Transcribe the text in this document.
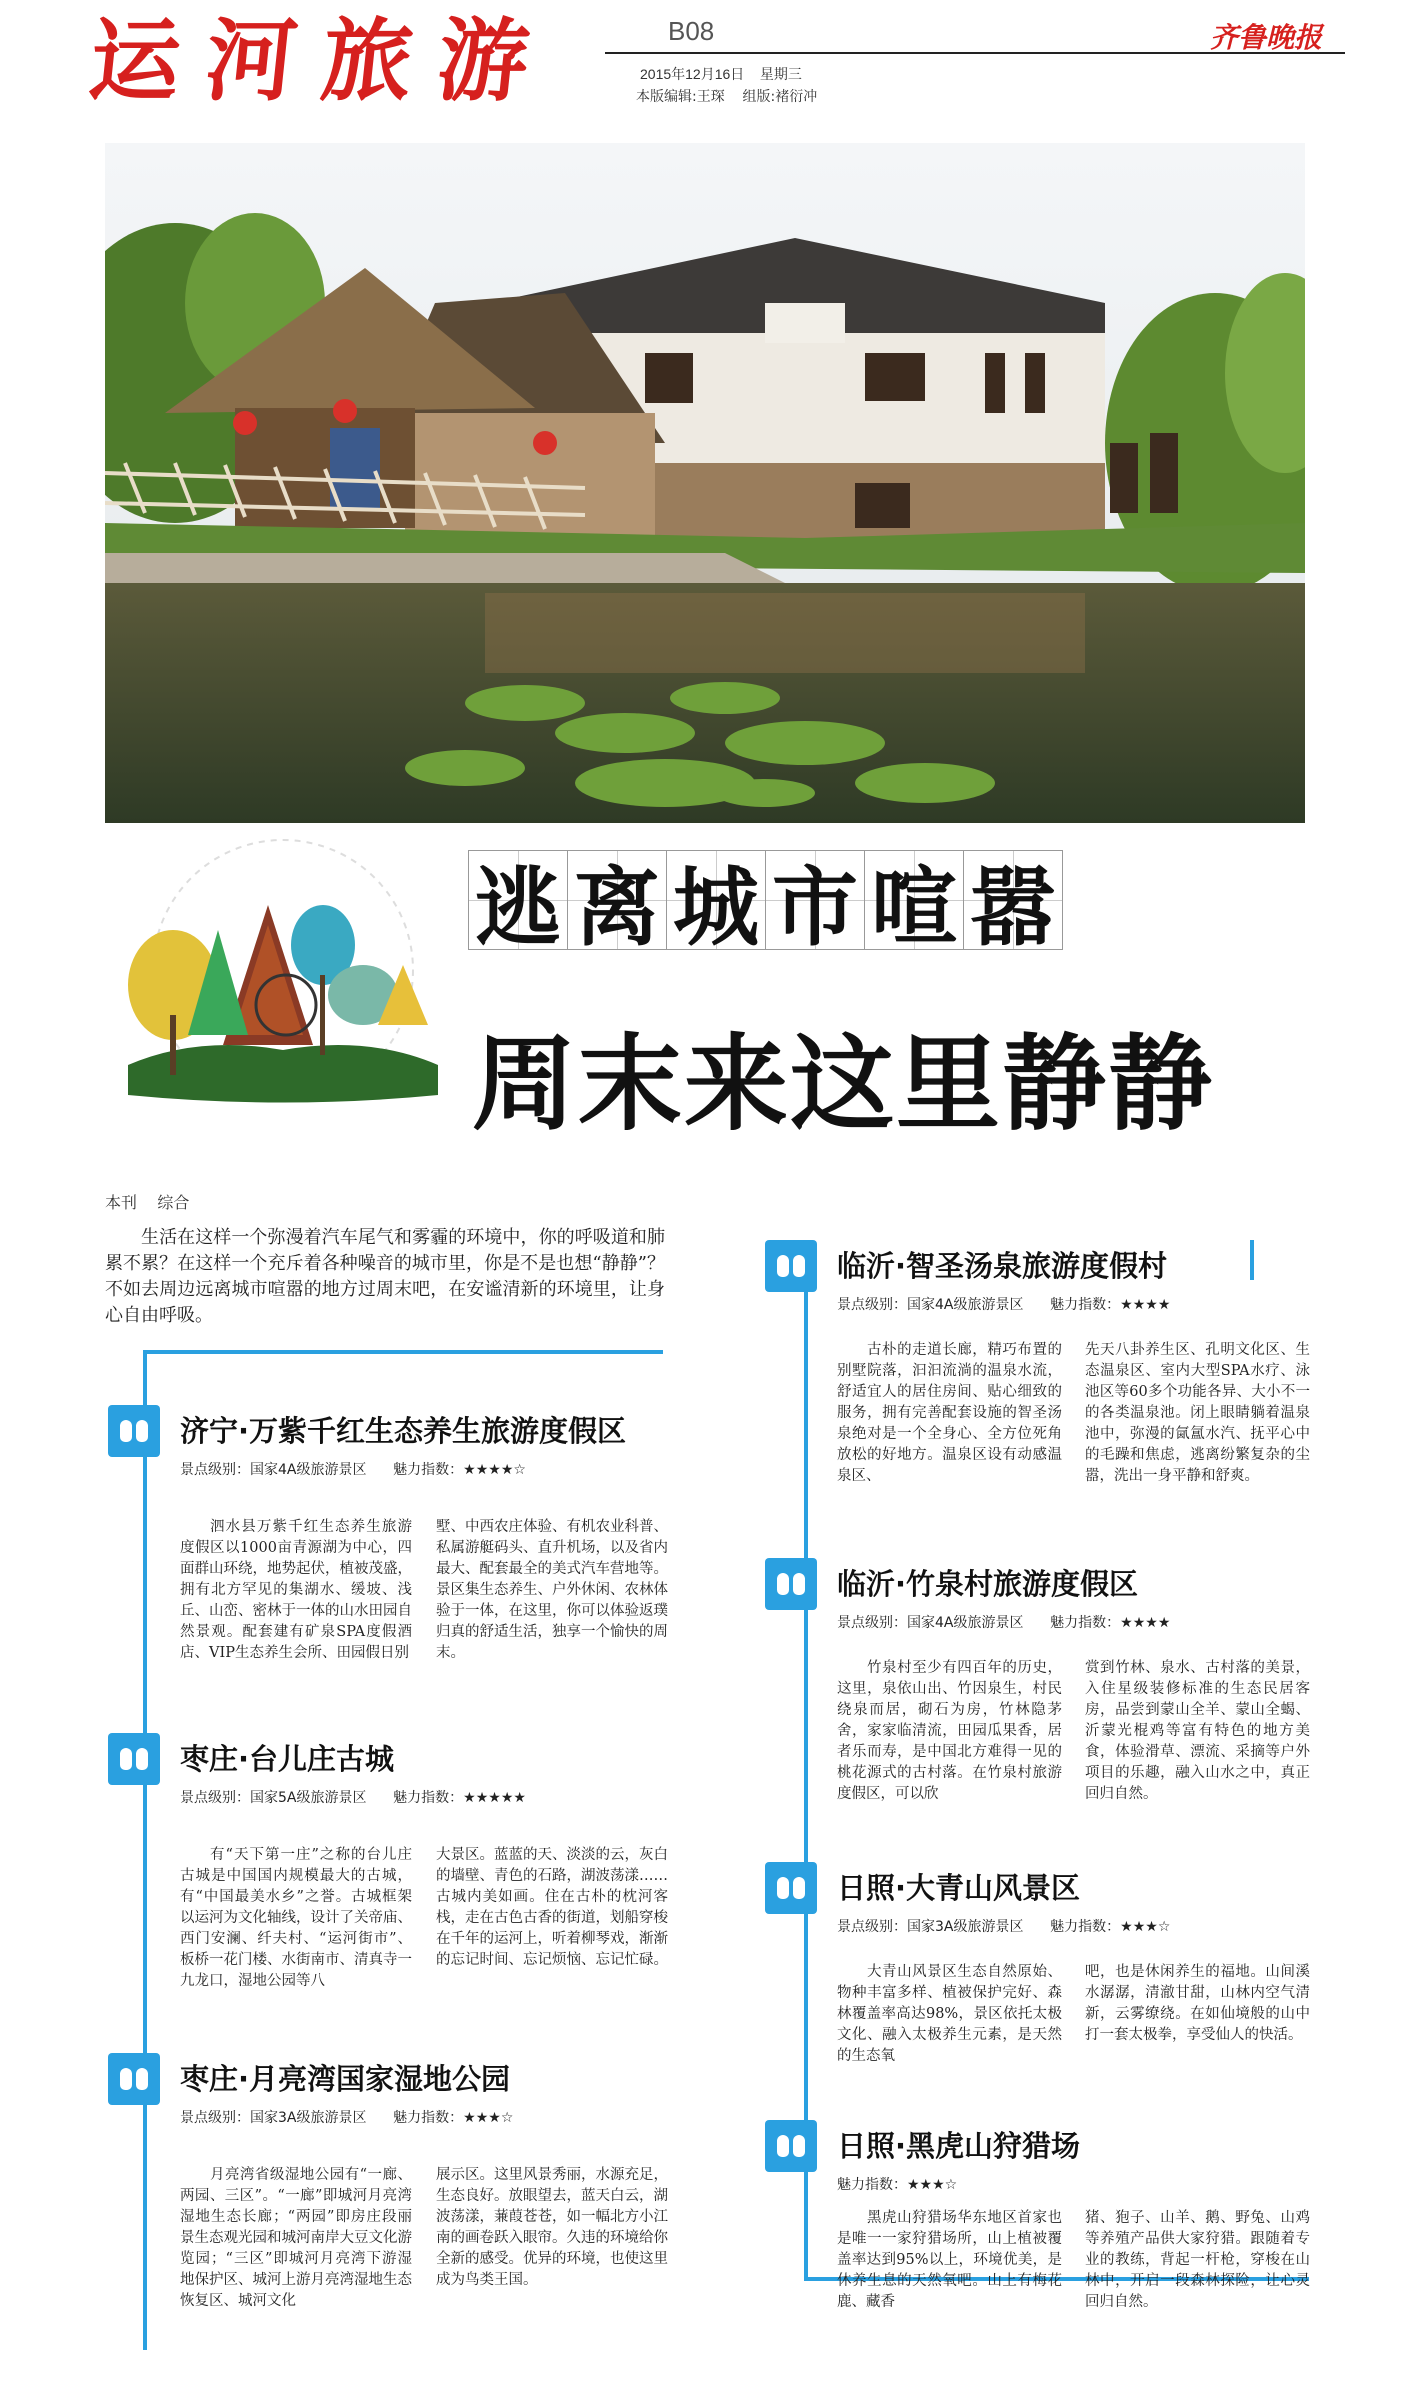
运 河 旅 游	B08
2015年12月16日    星期三
本版编辑:王琛    组版:褚衍冲
齐鲁晚报
逃 离 城 市 喧 嚣
周末来这里静静
本刊    综合
生活在这样一个弥漫着汽车尾气和雾霾的环境中，你的呼吸道和肺累不累？在这样一个充斥着各种噪音的城市里，你是不是也想“静静”？不如去周边远离城市喧嚣的地方过周末吧，在安谧清新的环境里，让身心自由呼吸。
济宁·万紫千红生态养生旅游度假区
景点级别：国家4A级旅游景区      魅力指数：★★★★☆
泗水县万紫千红生态养生旅游度假区以1000亩青源湖为中心，四面群山环绕，地势起伏，植被茂盛，拥有北方罕见的集湖水、缓坡、浅丘、山峦、密林于一体的山水田园自然景观。配套建有矿泉SPA度假酒店、VIP生态养生会所、田园假日别
墅、中西农庄体验、有机农业科普、私属游艇码头、直升机场，以及省内最大、配套最全的美式汽车营地等。景区集生态养生、户外休闲、农林体验于一体，在这里，你可以体验返璞归真的舒适生活，独享一个愉快的周末。
枣庄·台儿庄古城
景点级别：国家5A级旅游景区      魅力指数：★★★★★
有“天下第一庄”之称的台儿庄古城是中国国内规模最大的古城，有“中国最美水乡”之誉。古城框架以运河为文化轴线，设计了关帝庙、西门安澜、纤夫村、“运河街市”、板桥一花门楼、水街南市、清真寺一九龙口，湿地公园等八
大景区。蓝蓝的天、淡淡的云，灰白的墙壁、青色的石路，湖波荡漾……古城内美如画。住在古朴的枕河客栈，走在古色古香的街道，划船穿梭在千年的运河上，听着柳琴戏，渐渐的忘记时间、忘记烦恼、忘记忙碌。
枣庄·月亮湾国家湿地公园
景点级别：国家3A级旅游景区      魅力指数：★★★☆
月亮湾省级湿地公园有“一廊、两园、三区”。“一廊”即城河月亮湾湿地生态长廊；“两园”即房庄段丽景生态观光园和城河南岸大豆文化游览园；“三区”即城河月亮湾下游湿地保护区、城河上游月亮湾湿地生态恢复区、城河文化
展示区。这里风景秀丽，水源充足，生态良好。放眼望去，蓝天白云，湖波荡漾，蒹葭苍苍，如一幅北方小江南的画卷跃入眼帘。久违的环境给你全新的感受。优异的环境，也使这里成为鸟类王国。
临沂·智圣汤泉旅游度假村
景点级别：国家4A级旅游景区      魅力指数：★★★★
古朴的走道长廊，精巧布置的别墅院落，汩汩流淌的温泉水流，舒适宜人的居住房间、贴心细致的服务，拥有完善配套设施的智圣汤泉绝对是一个全身心、全方位死角放松的好地方。温泉区设有动感温泉区、
先天八卦养生区、孔明文化区、生态温泉区、室内大型SPA水疗、泳池区等60多个功能各异、大小不一的各类温泉池。闭上眼睛躺着温泉池中，弥漫的氤氲水汽、抚平心中的毛躁和焦虑，逃离纷繁复杂的尘嚣，洗出一身平静和舒爽。
临沂·竹泉村旅游度假区
景点级别：国家4A级旅游景区      魅力指数：★★★★
竹泉村至少有四百年的历史，这里，泉依山出、竹因泉生，村民绕泉而居，砌石为房，竹林隐茅舍，家家临清流，田园瓜果香，居者乐而寿，是中国北方难得一见的桃花源式的古村落。在竹泉村旅游度假区，可以欣
赏到竹林、泉水、古村落的美景，入住星级装修标准的生态民居客房，品尝到蒙山全羊、蒙山全蝎、沂蒙光棍鸡等富有特色的地方美食，体验滑草、漂流、采摘等户外项目的乐趣，融入山水之中，真正回归自然。
日照·大青山风景区
景点级别：国家3A级旅游景区      魅力指数：★★★☆
大青山风景区生态自然原始、物种丰富多样、植被保护完好、森林覆盖率高达98%，景区依托太极文化、融入太极养生元素，是天然的生态氧
吧，也是休闲养生的福地。山间溪水潺潺，清澈甘甜，山林内空气清新，云雾缭绕。在如仙境般的山中打一套太极拳，享受仙人的快活。
日照·黑虎山狩猎场
魅力指数：★★★☆
黑虎山狩猎场华东地区首家也是唯一一家狩猎场所，山上植被覆盖率达到95%以上，环境优美，是休养生息的天然氧吧。山上有梅花鹿、藏香
猪、狍子、山羊、鹅、野兔、山鸡等养殖产品供大家狩猎。跟随着专业的教练，背起一杆枪，穿梭在山林中，开启一段森林探险，让心灵回归自然。
